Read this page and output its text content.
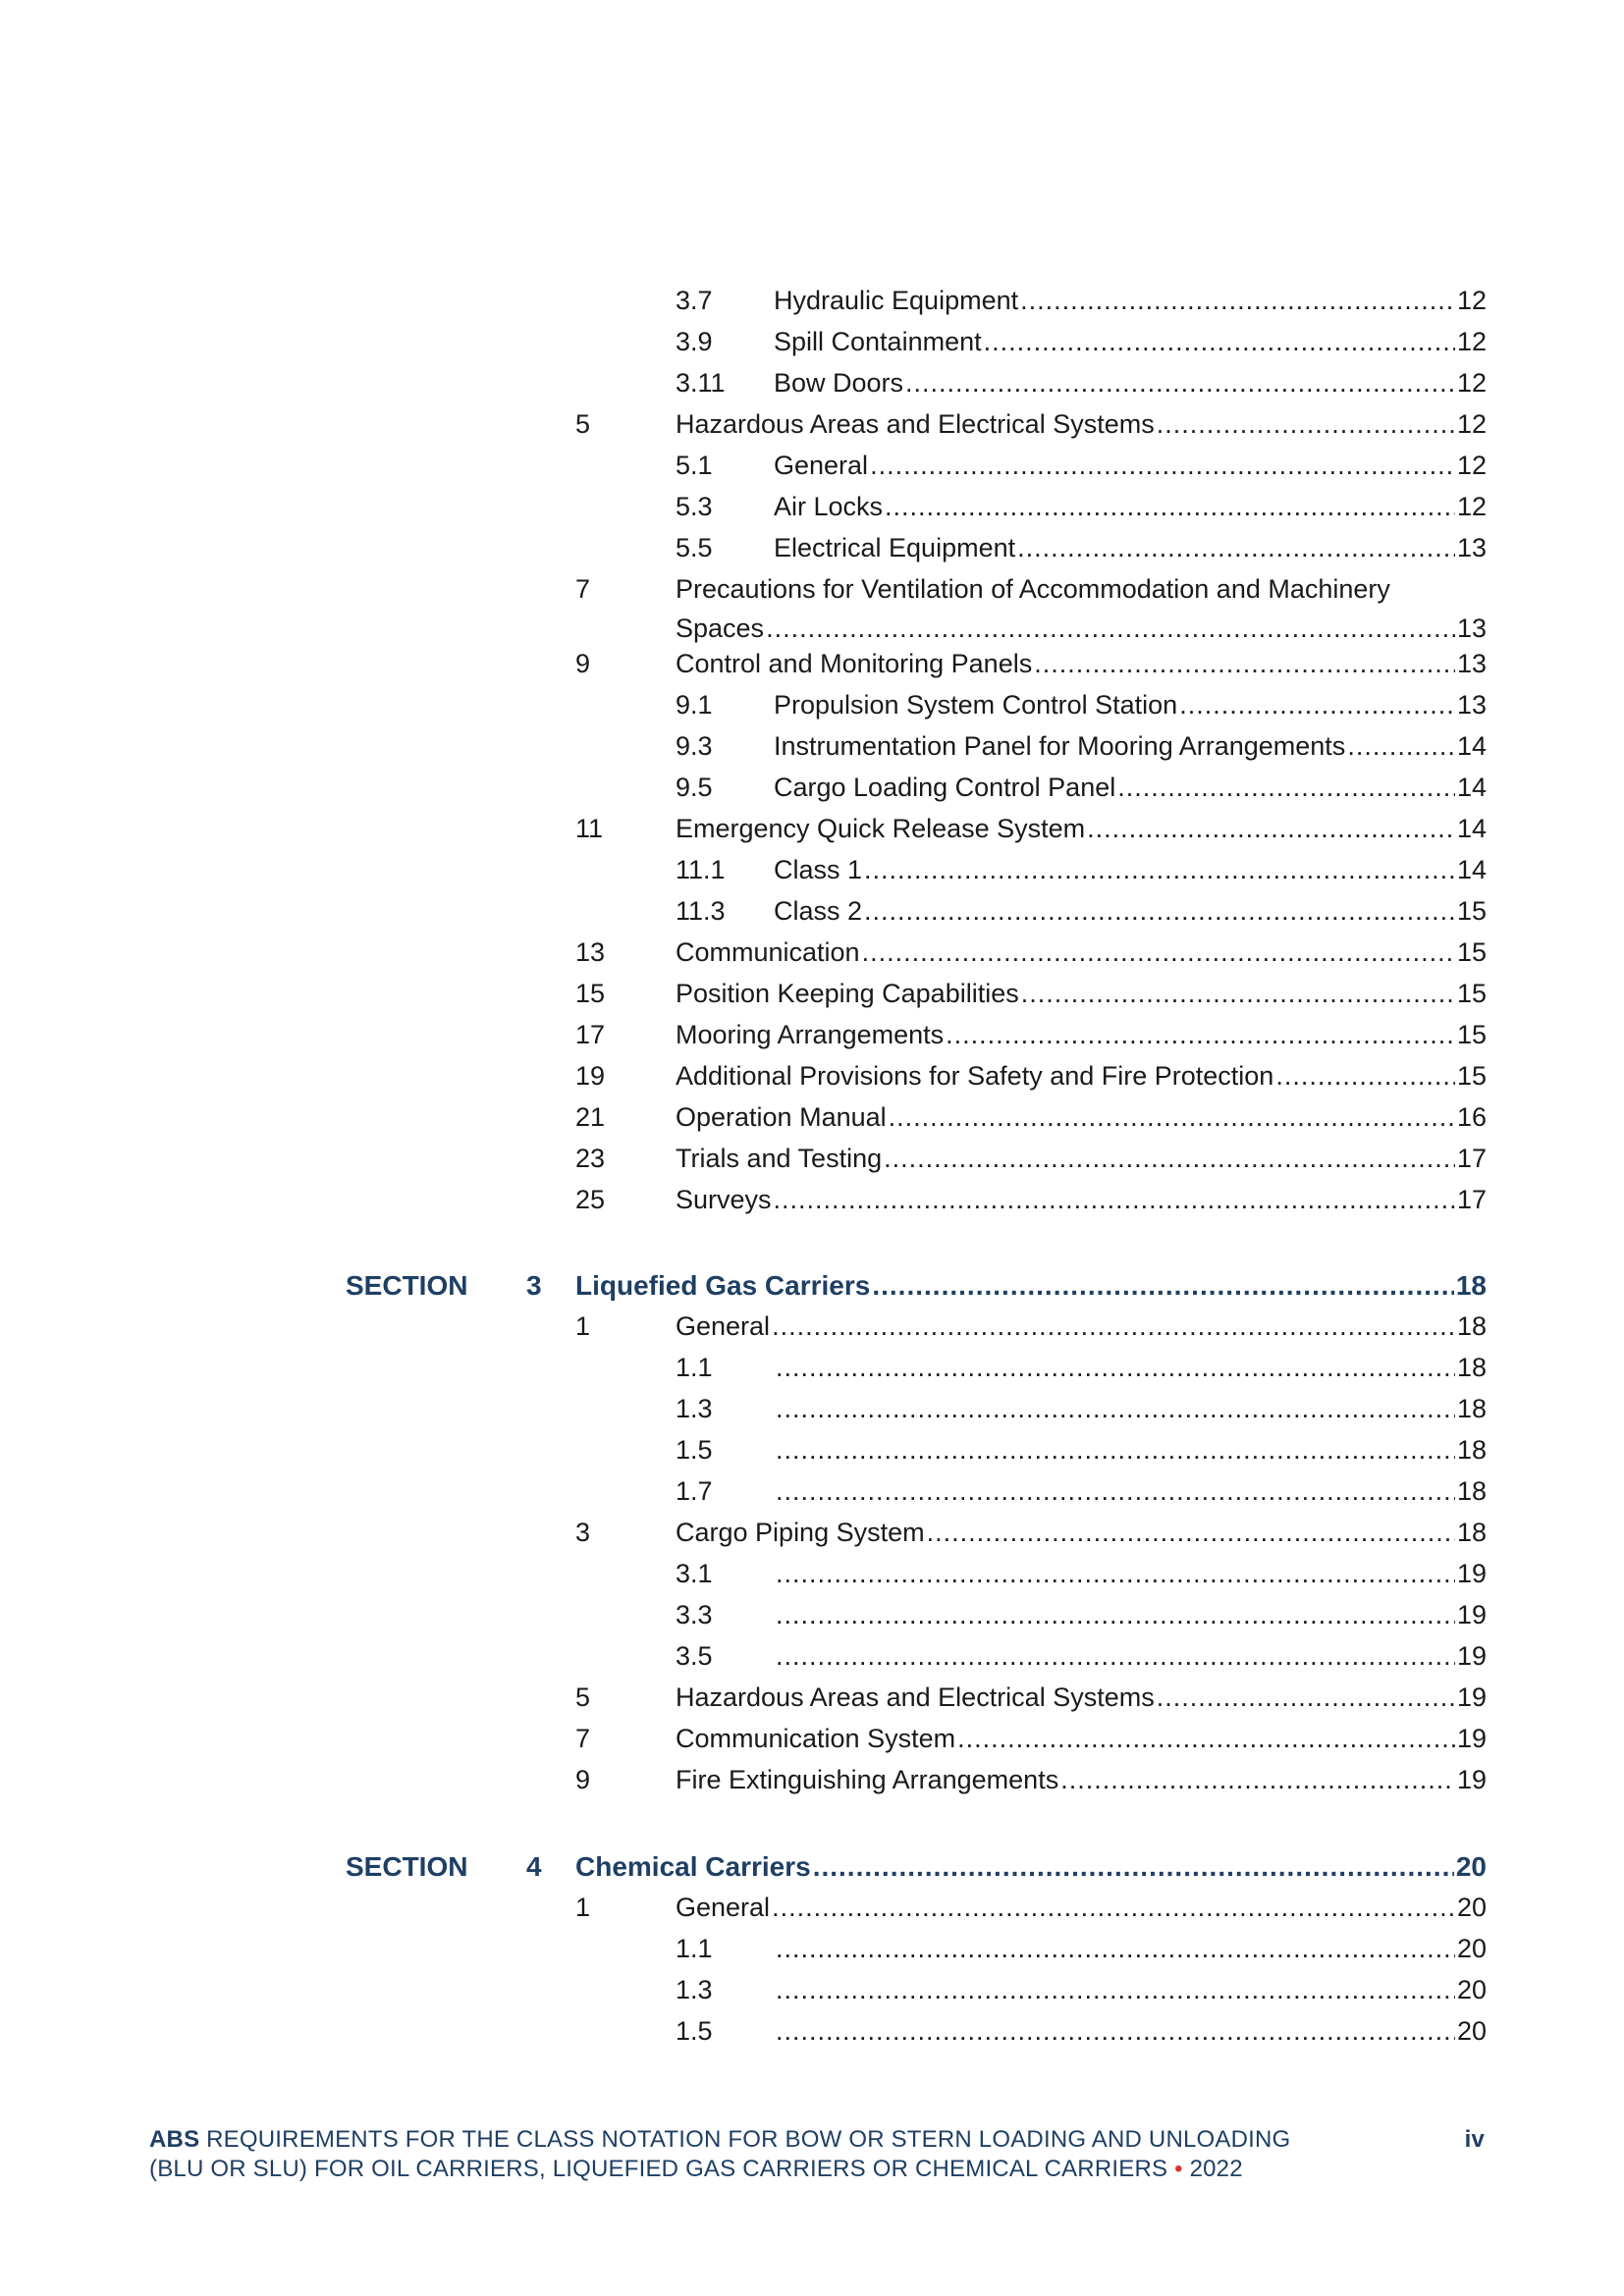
3.7 Hydraulic Equipment .....	12
3.9 Spill Containment .....	12
3.11 Bow Doors .....	12
5	Hazardous Areas and Electrical Systems .....	12
5.1 General .....	12
5.3 Air Locks .....	12
5.5 Electrical Equipment .....	13
7	Precautions for Ventilation of Accommodation and Machinery
Spaces .....	13
9	Control and Monitoring Panels .....	13
9.1 Propulsion System Control Station .....	13
9.3 Instrumentation Panel for Mooring Arrangements .....	14
9.5 Cargo Loading Control Panel .....	14
11	Emergency Quick Release System .....	14
11.1 Class 1 .....	14
11.3 Class 2 .....	15
13	Communication .....	15
15	Position Keeping Capabilities .....	15
17	Mooring Arrangements .....	15
19	Additional Provisions for Safety and Fire Protection .....	15
21	Operation Manual .....	16
23	Trials and Testing .....	17
25	Surveys .....	17
SECTION 3 Liquefied Gas Carriers .....	18
1	General .....	18
1.1 .....	18
1.3 .....	18
1.5 .....	18
1.7 .....	18
3	Cargo Piping System .....	18
3.1 .....	19
3.3 .....	19
3.5 .....	19
5	Hazardous Areas and Electrical Systems .....	19
7	Communication System .....	19
9	Fire Extinguishing Arrangements .....	19
SECTION 4 Chemical Carriers .....	20
1	General .....	20
1.1 .....	20
1.3 .....	20
1.5 .....	20
ABS REQUIREMENTS FOR THE CLASS NOTATION FOR BOW OR STERN LOADING AND UNLOADING
(BLU OR SLU) FOR OIL CARRIERS, LIQUEFIED GAS CARRIERS OR CHEMICAL CARRIERS • 2022
iv
